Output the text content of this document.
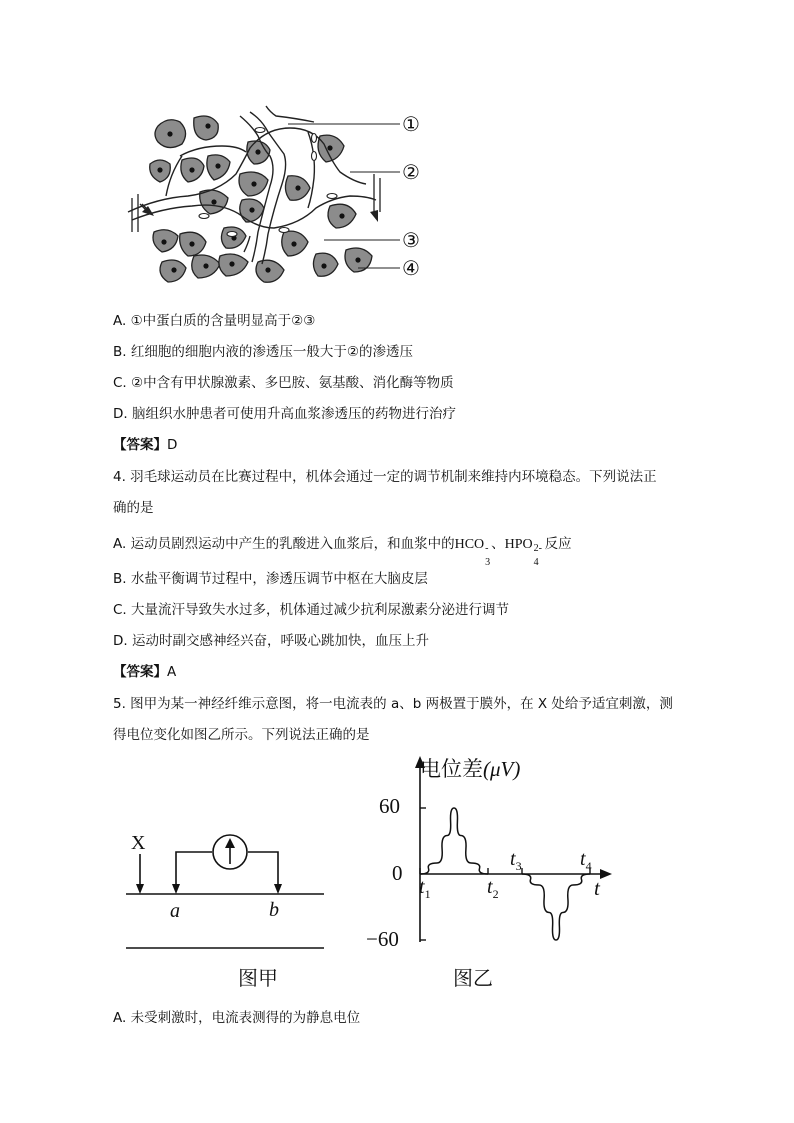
①
②
③
④
A. ①中蛋白质的含量明显高于②③
B. 红细胞的细胞内液的渗透压一般大于②的渗透压
C. ②中含有甲状腺激素、多巴胺、氨基酸、消化酶等物质
D. 脑组织水肿患者可使用升高血浆渗透压的药物进行治疗
【答案】D
4. 羽毛球运动员在比赛过程中，机体会通过一定的调节机制来维持内环境稳态。下列说法正
确的是
A. 运动员剧烈运动中产生的乳酸进入血浆后，和血浆中的HCO -
3
、HPO 2-
4
反应
B. 水盐平衡调节过程中，渗透压调节中枢在大脑皮层
C. 大量流汗导致失水过多，机体通过减少抗利尿激素分泌进行调节
D. 运动时副交感神经兴奋，呼吸心跳加快，血压上升
【答案】A
5. 图甲为某一神经纤维示意图，将一电流表的 a、b 两极置于膜外，在 X 处给予适宜刺激，测
得电位变化如图乙所示。下列说法正确的是
X
a	b
图甲
电位差(μV)
t
60
0
−60
$t_1$	$t_2$
$t_3$	$t_4$
图乙
A. 未受刺激时，电流表测得的为静息电位
